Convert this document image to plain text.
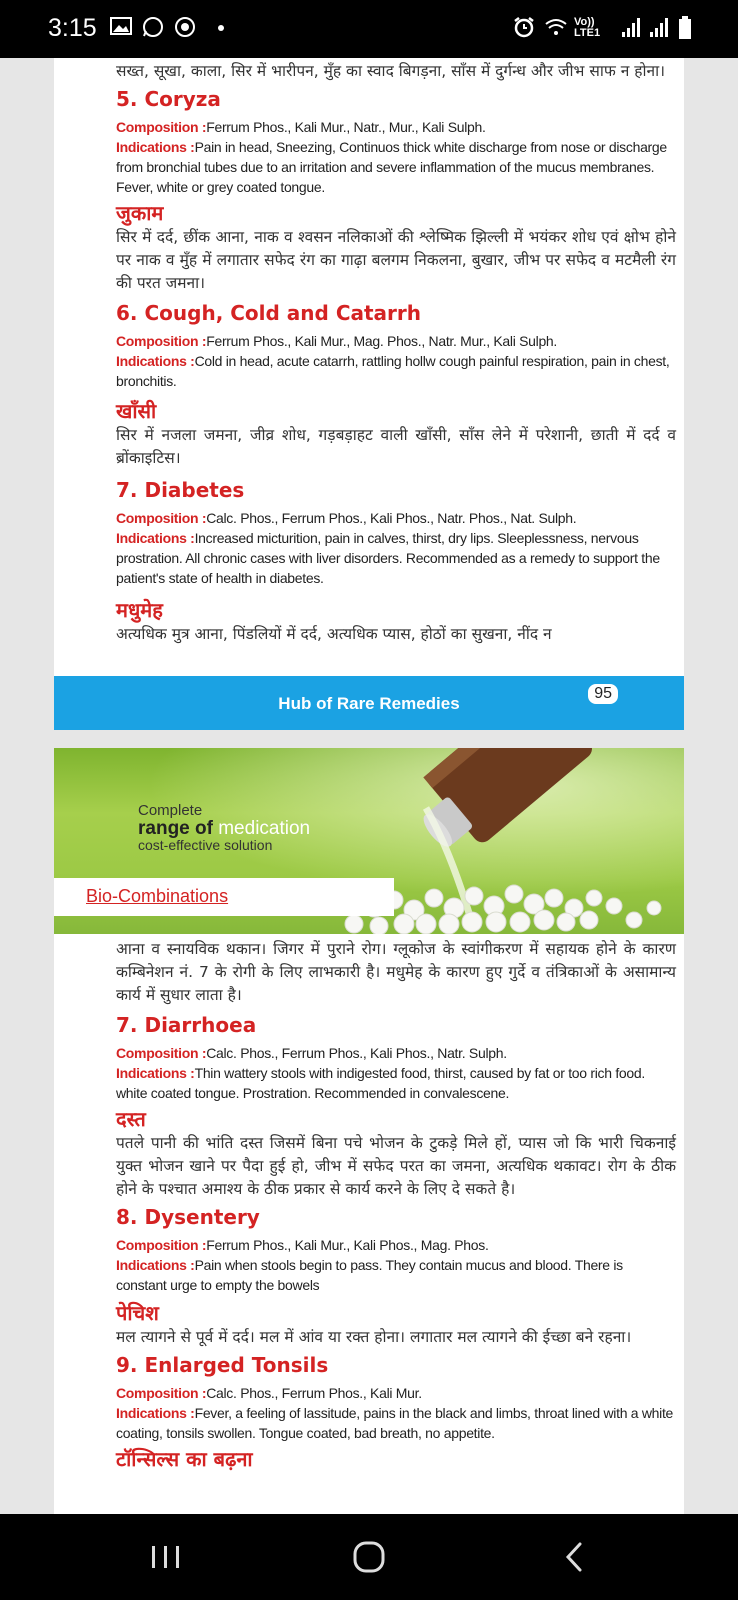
3:15	Vo)) LTE1

सख्त, सूखा, काला, सिर में भारीपन, मुँह का स्वाद बिगड़ना, साँस में दुर्गन्ध और जीभ साफ न होना।

5. Coryza

Composition :Ferrum Phos., Kali Mur., Natr., Mur., Kali Sulph.

Indications :Pain in head, Sneezing, Continuos thick white discharge from nose or discharge from bronchial tubes due to an irritation and severe inflammation of the mucus membranes. Fever, white or grey coated tongue.

जुकाम

सिर में दर्द, छींक आना, नाक व श्वसन नलिकाओं की श्लेष्मिक झिल्ली में भयंकर शोध एवं क्षोभ होने पर नाक व मुँह में लगातार सफेद रंग का गाढ़ा बलगम निकलना, बुखार, जीभ पर सफेद व मटमैली रंग की परत जमना।

6. Cough, Cold and Catarrh

Composition :Ferrum Phos., Kali Mur., Mag. Phos., Natr. Mur., Kali Sulph.

Indications :Cold in head, acute catarrh, rattling hollw cough painful respiration, pain in chest, bronchitis.

खाँसी

सिर में नजला जमना, जीव्र शोध, गड़बड़ाहट वाली खाँसी, साँस लेने में परेशानी, छाती में दर्द व ब्रोंकाइटिस।

7. Diabetes

Composition :Calc. Phos., Ferrum Phos., Kali Phos., Natr. Phos., Nat. Sulph.

Indications :Increased micturition, pain in calves, thirst, dry lips. Sleeplessness, nervous prostration. All chronic cases with liver disorders. Recommended as a remedy to support the patient's state of health in diabetes.

मधुमेह

अत्यधिक मुत्र आना, पिंडलियों में दर्द, अत्यधिक प्यास, होठों का सुखना, नींद न

95
Hub of Rare Remedies
Complete
range of medication
cost-effective solution
Bio-Combinations

आना व स्नायविक थकान। जिगर में पुराने रोग। ग्लूकोज के स्वांगीकरण में सहायक होने के कारण कम्बिनेशन नं. 7 के रोगी के लिए लाभकारी है। मधुमेह के कारण हुए गुर्दे व तंत्रिकाओं के असामान्य कार्य में सुधार लाता है।

7. Diarrhoea

Composition :Calc. Phos., Ferrum Phos., Kali Phos., Natr. Sulph.

Indications :Thin wattery stools with indigested food, thirst, caused by fat or too rich food. white coated tongue. Prostration. Recommended in convalescene.

दस्त

पतले पानी की भांति दस्त जिसमें बिना पचे भोजन के टुकड़े मिले हों, प्यास जो कि भारी चिकनाई युक्त भोजन खाने पर पैदा हुई हो, जीभ में सफेद परत का जमना, अत्यधिक थकावट। रोग के ठीक होने के पश्चात अमाश्य के ठीक प्रकार से कार्य करने के लिए दे सकते है।

8. Dysentery

Composition :Ferrum Phos., Kali Mur., Kali Phos., Mag. Phos.

Indications :Pain when stools begin to pass. They contain mucus and blood. There is constant urge to empty the bowels

पेचिश

मल त्यागने से पूर्व में दर्द। मल में आंव या रक्त होना। लगातार मल त्यागने की ईच्छा बने रहना।

9. Enlarged Tonsils

Composition :Calc. Phos., Ferrum Phos., Kali Mur.

Indications :Fever, a feeling of lassitude, pains in the black and limbs, throat lined with a white coating, tonsils swollen. Tongue coated, bad breath, no appetite.

टॉन्सिल्स का बढ़ना
